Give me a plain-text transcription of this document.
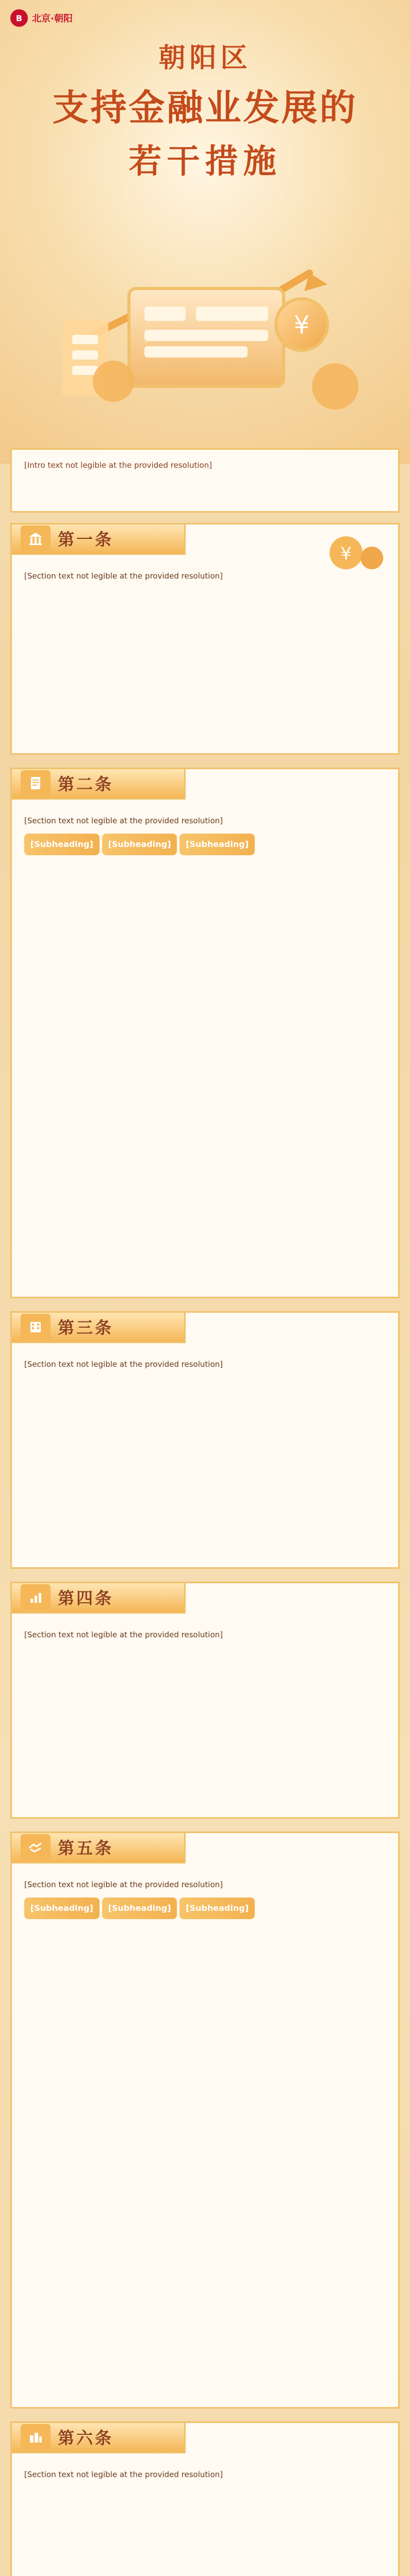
B	北京·朝阳
朝阳区
支持金融业发展的
若干措施
¥
[Intro text not legible at the provided resolution]
第一条
¥
[Section text not legible at the provided resolution]
第二条
[Section text not legible at the provided resolution]
[Subheading] [Subheading] [Subheading]
第三条
[Section text not legible at the provided resolution]
第四条
[Section text not legible at the provided resolution]
第五条
[Section text not legible at the provided resolution]
[Subheading] [Subheading] [Subheading]
第六条
[Section text not legible at the provided resolution]
